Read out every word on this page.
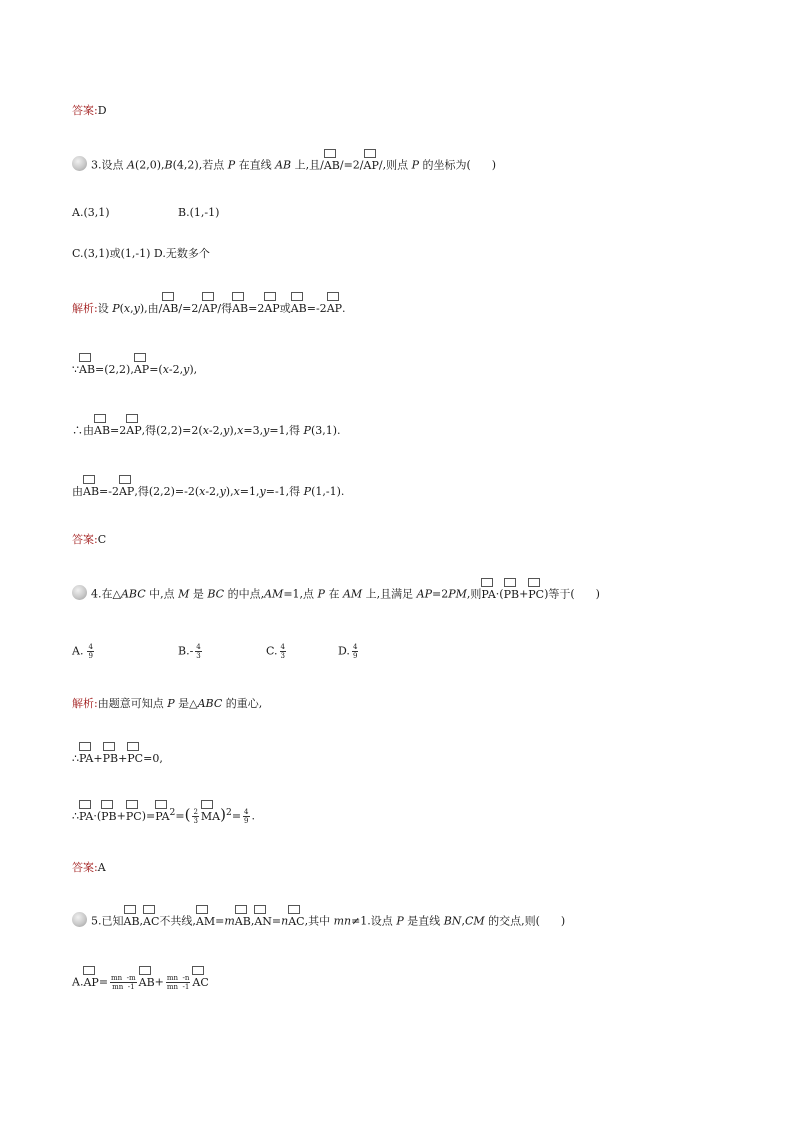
答案:D
3.设点 A(2,0),B(4,2),若点 P 在直线 AB 上,且/AB/=2/AP/,则点 P 的坐标为(      )
A.(3,1)	B.(1,-1)
C.(3,1)或(1,-1) D.无数多个
解析:设 P(x,y),由/AB/=2/AP/得AB=2AP或AB=-2AP.
∵AB=(2,2),AP=(x-2,y),
∴由AB=2AP,得(2,2)=2(x-2,y),x=3,y=1,得 P(3,1).
由AB=-2AP,得(2,2)=-2(x-2,y),x=1,y=-1,得 P(1,-1).
答案:C
4.在△ABC 中,点 M 是 BC 的中点,AM=1,点 P 在 AM 上,且满足 AP=2PM,则PA·(PB+PC)等于(      )
A. $\frac{4}{9}$	$B.- \frac{4}{3}$	C. $\frac{4}{3}$	D. $\frac{4}{9}$
解析:由题意可知点 P 是△ABC 的重心,
∴PA+PB+PC=0,
$\therefore PA\cdot(PB+PC)=PA^2=( \frac{2}{3} MA)^2= \frac{4}{9}$ .
答案:A
5.已知AB,AC不共线,AM=mAB,AN=nAC,其中 mn≠1.设点 P 是直线 BN,CM 的交点,则(      )
$A.AP= \frac{mn -m}{mn -1} AB+ \frac{mn -n}{mn -1}$ AC
